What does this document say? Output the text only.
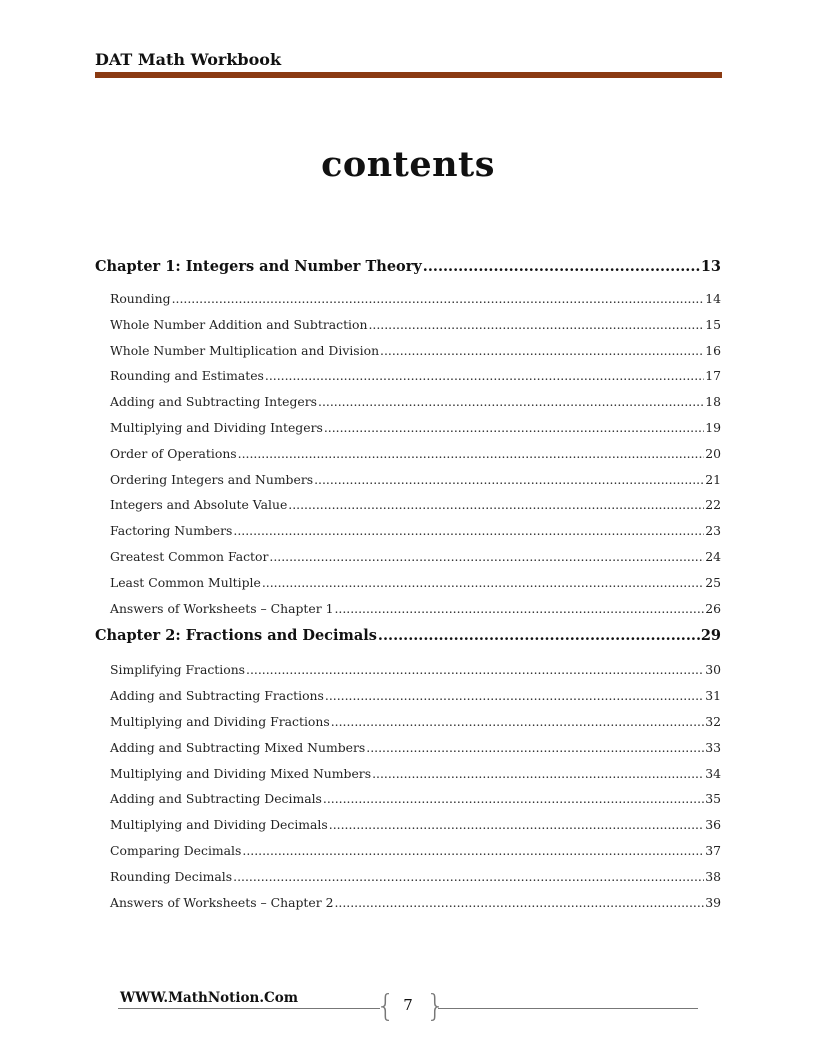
DAT Math Workbook
contents
Chapter 1: Integers and Number Theory .....	13
Rounding .....	14
Whole Number Addition and Subtraction .....	15
Whole Number Multiplication and Division .....	16
Rounding and Estimates .....	17
Adding and Subtracting Integers .....	18
Multiplying and Dividing Integers .....	19
Order of Operations .....	20
Ordering Integers and Numbers .....	21
Integers and Absolute Value .....	22
Factoring Numbers .....	23
Greatest Common Factor .....	24
Least Common Multiple .....	25
Answers of Worksheets – Chapter 1 .....	26
Chapter 2: Fractions and Decimals .....	29
Simplifying Fractions .....	30
Adding and Subtracting Fractions .....	31
Multiplying and Dividing Fractions .....	32
Adding and Subtracting Mixed Numbers .....	33
Multiplying and Dividing Mixed Numbers .....	34
Adding and Subtracting Decimals .....	35
Multiplying and Dividing Decimals .....	36
Comparing Decimals .....	37
Rounding Decimals .....	38
Answers of Worksheets – Chapter 2 .....	39
WWW.MathNotion.Com	{ 7 }
